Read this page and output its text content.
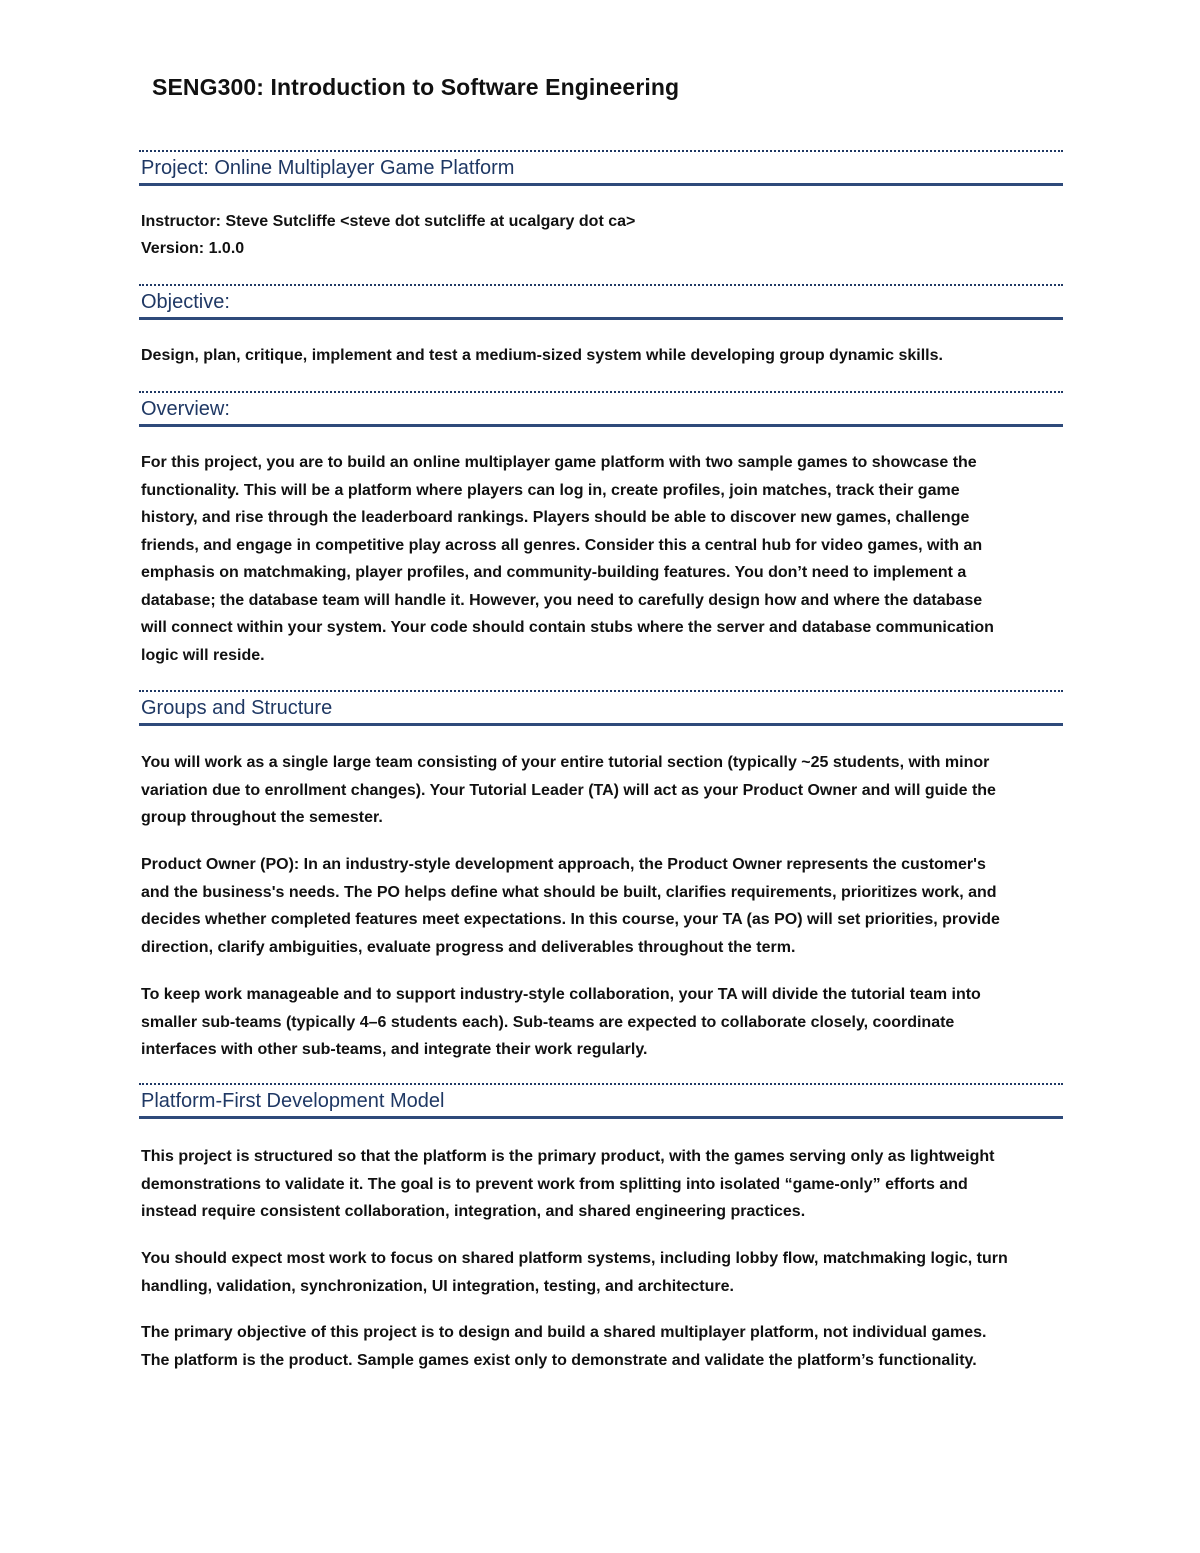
SENG300: Introduction to Software Engineering
Project: Online Multiplayer Game Platform
Instructor: Steve Sutcliffe <steve dot sutcliffe at ucalgary dot ca>
Version: 1.0.0
Objective:
Design, plan, critique, implement and test a medium-sized system while developing group dynamic skills.
Overview:
For this project, you are to build an online multiplayer game platform with two sample games to showcase the
functionality. This will be a platform where players can log in, create profiles, join matches, track their game
history, and rise through the leaderboard rankings. Players should be able to discover new games, challenge
friends, and engage in competitive play across all genres. Consider this a central hub for video games, with an
emphasis on matchmaking, player profiles, and community-building features. You don’t need to implement a
database; the database team will handle it. However, you need to carefully design how and where the database
will connect within your system. Your code should contain stubs where the server and database communication
logic will reside.
Groups and Structure
You will work as a single large team consisting of your entire tutorial section (typically ~25 students, with minor
variation due to enrollment changes). Your Tutorial Leader (TA) will act as your Product Owner and will guide the
group throughout the semester.
Product Owner (PO): In an industry-style development approach, the Product Owner represents the customer's
and the business's needs. The PO helps define what should be built, clarifies requirements, prioritizes work, and
decides whether completed features meet expectations. In this course, your TA (as PO) will set priorities, provide
direction, clarify ambiguities, evaluate progress and deliverables throughout the term.
To keep work manageable and to support industry-style collaboration, your TA will divide the tutorial team into
smaller sub-teams (typically 4–6 students each). Sub-teams are expected to collaborate closely, coordinate
interfaces with other sub-teams, and integrate their work regularly.
Platform-First Development Model
This project is structured so that the platform is the primary product, with the games serving only as lightweight
demonstrations to validate it. The goal is to prevent work from splitting into isolated “game-only” efforts and
instead require consistent collaboration, integration, and shared engineering practices.
You should expect most work to focus on shared platform systems, including lobby flow, matchmaking logic, turn
handling, validation, synchronization, UI integration, testing, and architecture.
The primary objective of this project is to design and build a shared multiplayer platform, not individual games.
The platform is the product. Sample games exist only to demonstrate and validate the platform’s functionality.
